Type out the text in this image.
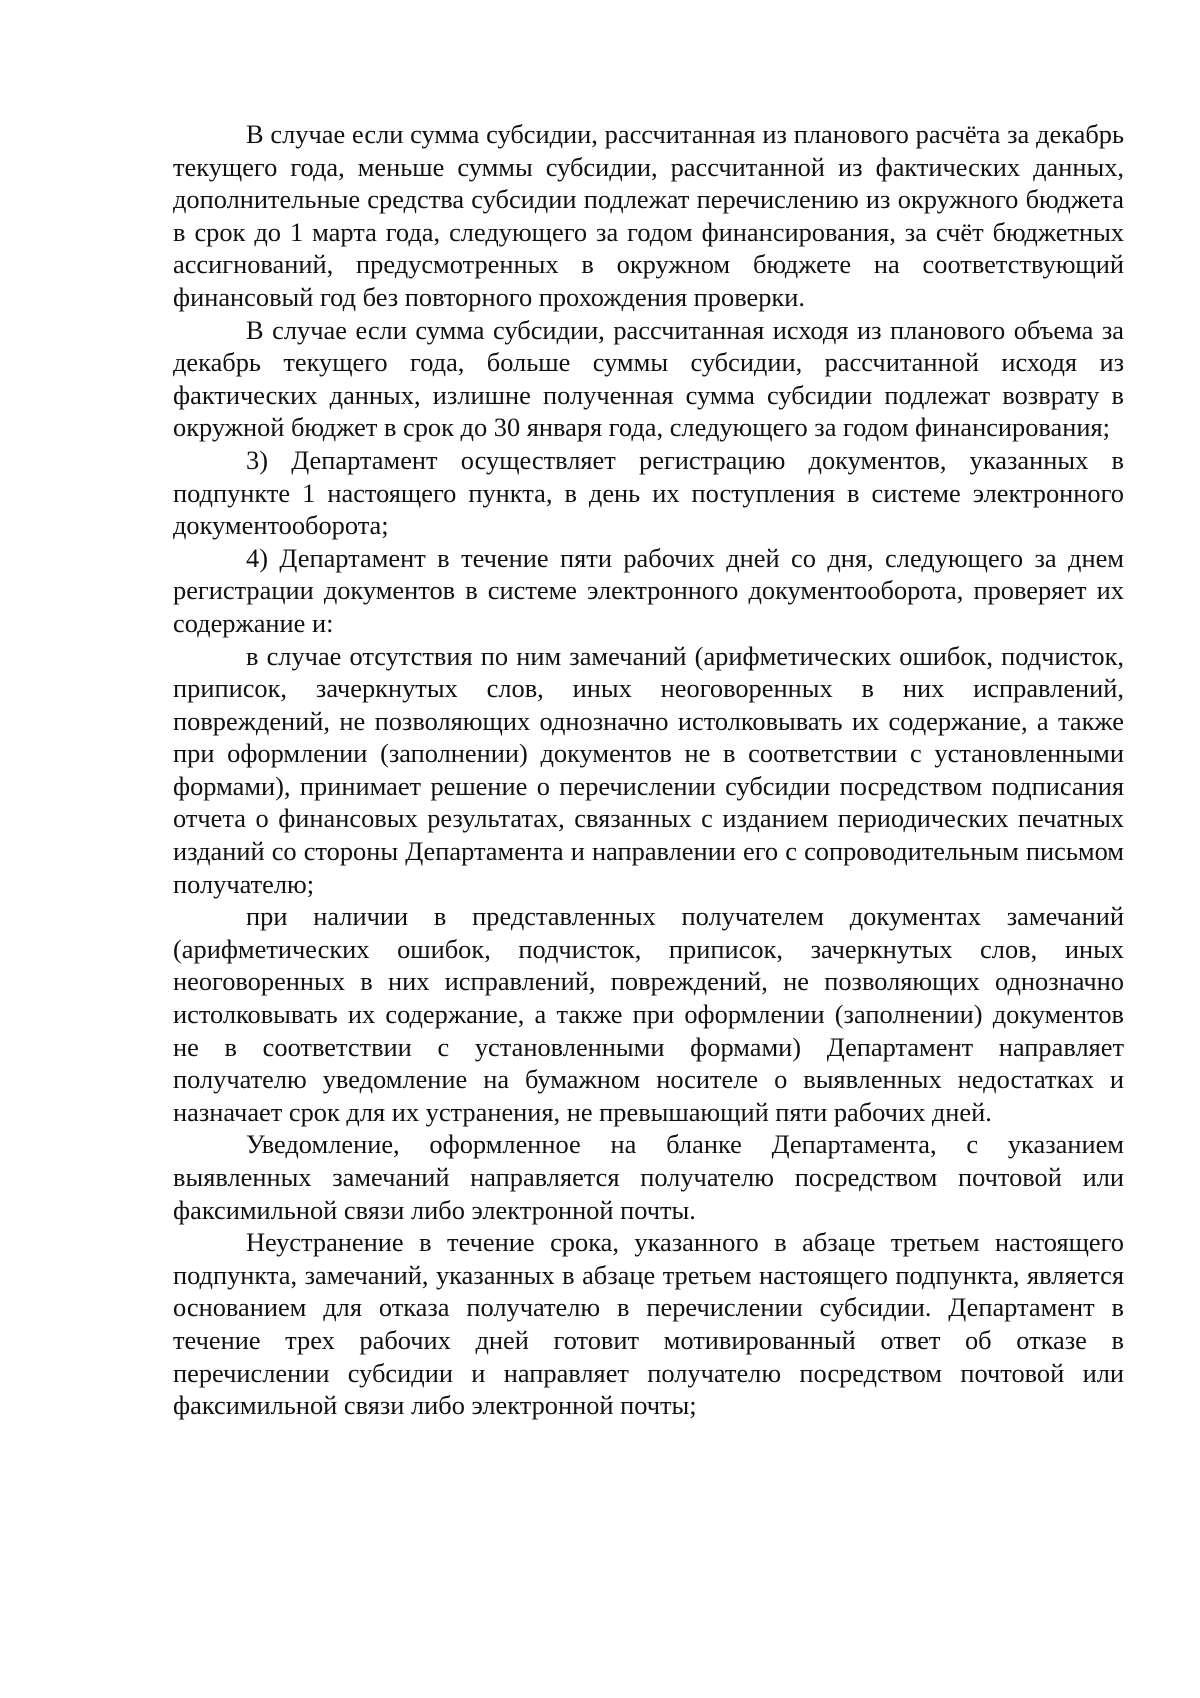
В случае если сумма субсидии, рассчитанная из планового расчёта за декабрь текущего года, меньше суммы субсидии, рассчитанной из фактических данных, дополнительные средства субсидии подлежат перечислению из окружного бюджета в срок до 1 марта года, следующего за годом финансирования, за счёт бюджетных ассигнований, предусмотренных в окружном бюджете на соответствующий финансовый год без повторного прохождения проверки.

В случае если сумма субсидии, рассчитанная исходя из планового объема за декабрь текущего года, больше суммы субсидии, рассчитанной исходя из фактических данных, излишне полученная сумма субсидии подлежат возврату в окружной бюджет в срок до 30 января года, следующего за годом финансирования;

3) Департамент осуществляет регистрацию документов, указанных в подпункте 1 настоящего пункта, в день их поступления в системе электронного документооборота;

4) Департамент в течение пяти рабочих дней со дня, следующего за днем регистрации документов в системе электронного документооборота, проверяет их содержание и:

в случае отсутствия по ним замечаний (арифметических ошибок, подчисток, приписок, зачеркнутых слов, иных неоговоренных в них исправлений, повреждений, не позволяющих однозначно истолковывать их содержание, а также при оформлении (заполнении) документов не в соответствии с установленными формами), принимает решение о перечислении субсидии посредством подписания отчета о финансовых результатах, связанных с изданием периодических печатных изданий со стороны Департамента и направлении его с сопроводительным письмом получателю;

при наличии в представленных получателем документах замечаний (арифметических ошибок, подчисток, приписок, зачеркнутых слов, иных неоговоренных в них исправлений, повреждений, не позволяющих однозначно истолковывать их содержание, а также при оформлении (заполнении) документов не в соответствии с установленными формами) Департамент направляет получателю уведомление на бумажном носителе о выявленных недостатках и назначает срок для их устранения, не превышающий пяти рабочих дней.

Уведомление, оформленное на бланке Департамента, с указанием выявленных замечаний направляется получателю посредством почтовой или факсимильной связи либо электронной почты.

Неустранение в течение срока, указанного в абзаце третьем настоящего подпункта, замечаний, указанных в абзаце третьем настоящего подпункта, является основанием для отказа получателю в перечислении субсидии. Департамент в течение трех рабочих дней готовит мотивированный ответ об отказе в перечислении субсидии и направляет получателю посредством почтовой или факсимильной связи либо электронной почты;
